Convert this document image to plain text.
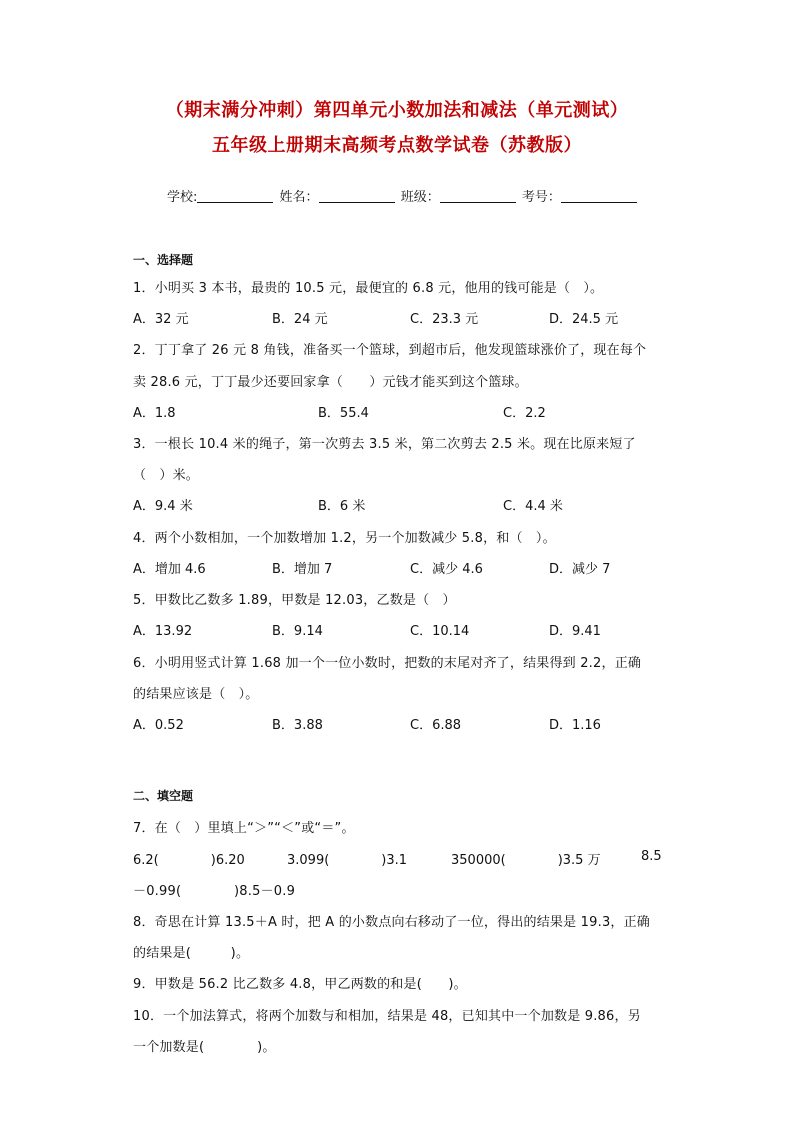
（期末满分冲刺）第四单元小数加法和减法（单元测试）
五年级上册期末高频考点数学试卷（苏教版）
学校:	姓名：	班级：	考号：
一、选择题
1．小明买 3 本书，最贵的 10.5 元，最便宜的 6.8 元，他用的钱可能是（　）。
A．32 元	B．24 元	C．23.3 元	D．24.5 元
2．丁丁拿了 26 元 8 角钱，准备买一个篮球，到超市后，他发现篮球涨价了，现在每个
卖 28.6 元，丁丁最少还要回家拿（　　）元钱才能买到这个篮球。
A．1.8	B．55.4	C．2.2
3．一根长 10.4 米的绳子，第一次剪去 3.5 米，第二次剪去 2.5 米。现在比原来短了
（　）米。
A．9.4 米	B．6 米	C．4.4 米
4．两个小数相加，一个加数增加 1.2，另一个加数减少 5.8，和（　）。
A．增加 4.6	B．增加 7	C．减少 4.6	D．减少 7
5．甲数比乙数多 1.89，甲数是 12.03，乙数是（　）
A．13.92	B．9.14	C．10.14	D．9.41
6．小明用竖式计算 1.68 加一个一位小数时，把数的末尾对齐了，结果得到 2.2，正确
的结果应该是（　）。
A．0.52	B．3.88	C．6.88	D．1.16
二、填空题
7．在（　）里填上“＞”“＜”或“＝”。
6.2(　　　　)6.20	3.099(　　　　)3.1	350000(　　　　)3.5 万	8.5
－0.99(　　　　)8.5－0.9
8．奇思在计算 13.5＋A 时，把 A 的小数点向右移动了一位，得出的结果是 19.3，正确
的结果是(　　　)。
9．甲数是 56.2 比乙数多 4.8，甲乙两数的和是(　　)。
10．一个加法算式，将两个加数与和相加，结果是 48，已知其中一个加数是 9.86，另
一个加数是(　　　　)。
